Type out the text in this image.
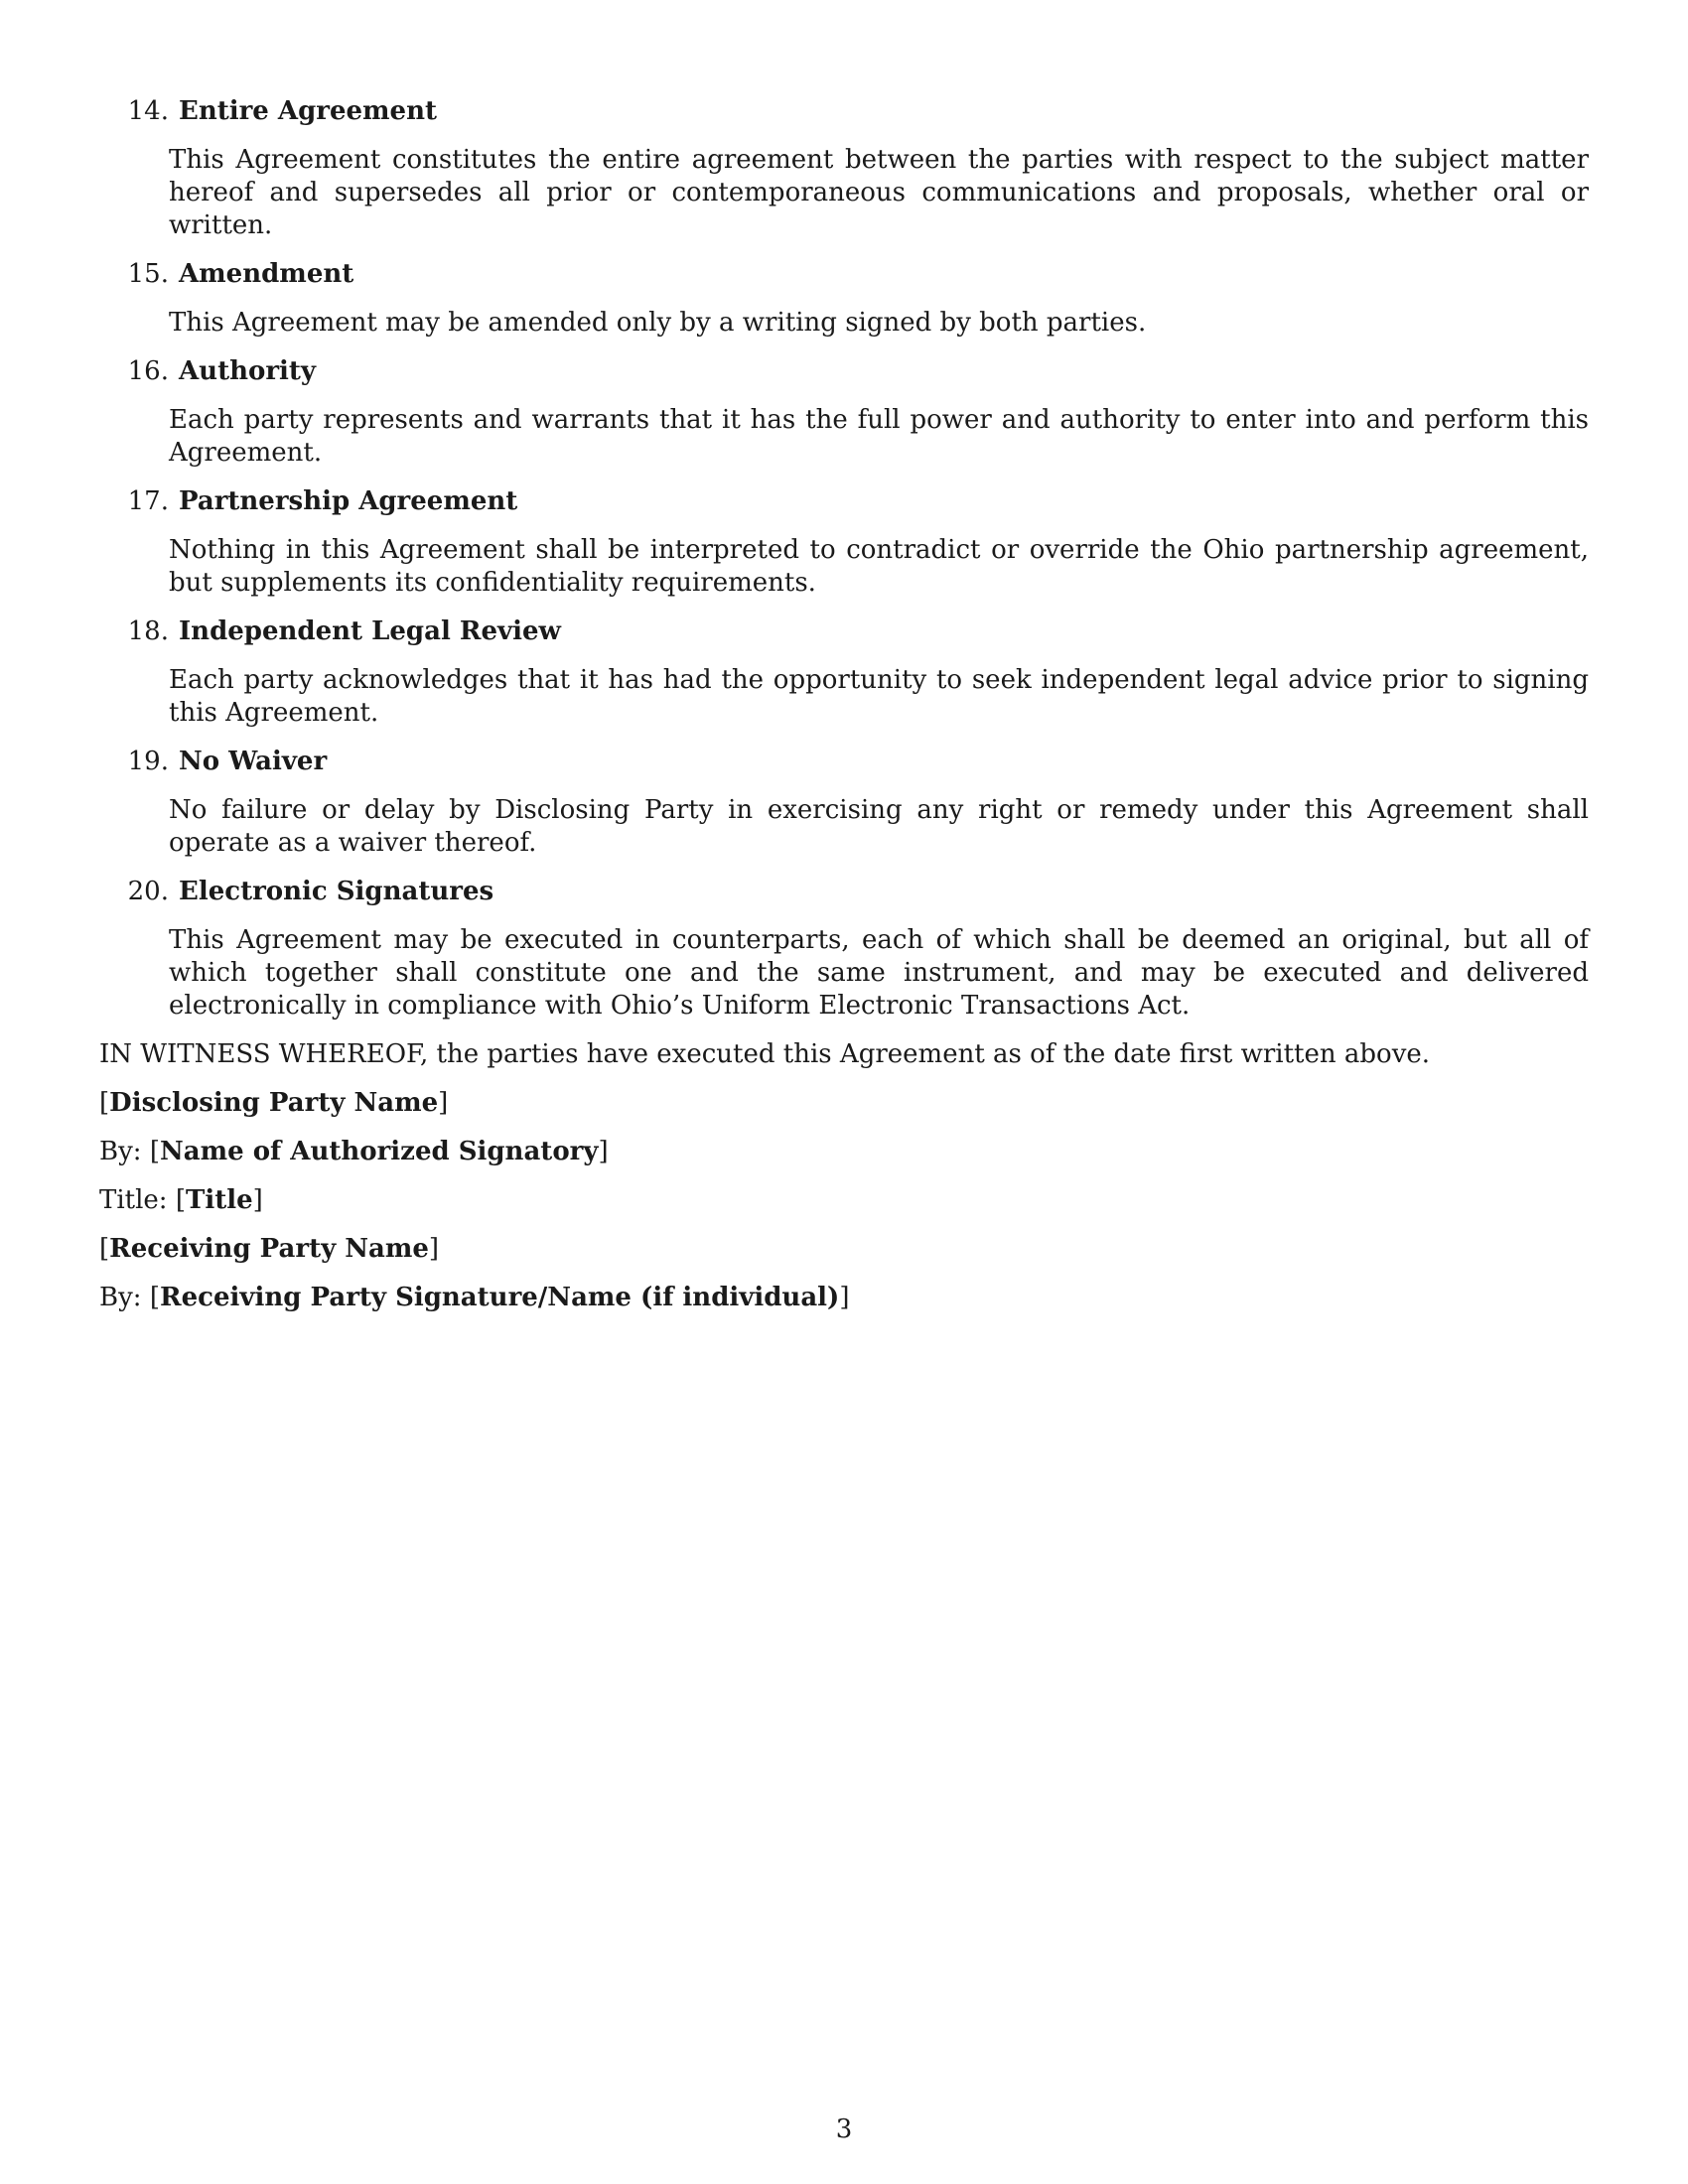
14. Entire Agreement
This Agreement constitutes the entire agreement between the parties with respect to the subject matter hereof and supersedes all prior or contemporaneous communications and proposals, whether oral or written.
15. Amendment
This Agreement may be amended only by a writing signed by both parties.
16. Authority
Each party represents and warrants that it has the full power and authority to enter into and perform this Agreement.
17. Partnership Agreement
Nothing in this Agreement shall be interpreted to contradict or override the Ohio partnership agreement, but supplements its confidentiality requirements.
18. Independent Legal Review
Each party acknowledges that it has had the opportunity to seek independent legal advice prior to signing this Agreement.
19. No Waiver
No failure or delay by Disclosing Party in exercising any right or remedy under this Agreement shall operate as a waiver thereof.
20. Electronic Signatures
This Agreement may be executed in counterparts, each of which shall be deemed an original, but all of which together shall constitute one and the same instrument, and may be executed and delivered electronically in compliance with Ohio’s Uniform Electronic Transactions Act.
IN WITNESS WHEREOF, the parties have executed this Agreement as of the date first written above.
[Disclosing Party Name]
By: [Name of Authorized Signatory]
Title: [Title]
[Receiving Party Name]
By: [Receiving Party Signature/Name (if individual)]
3
